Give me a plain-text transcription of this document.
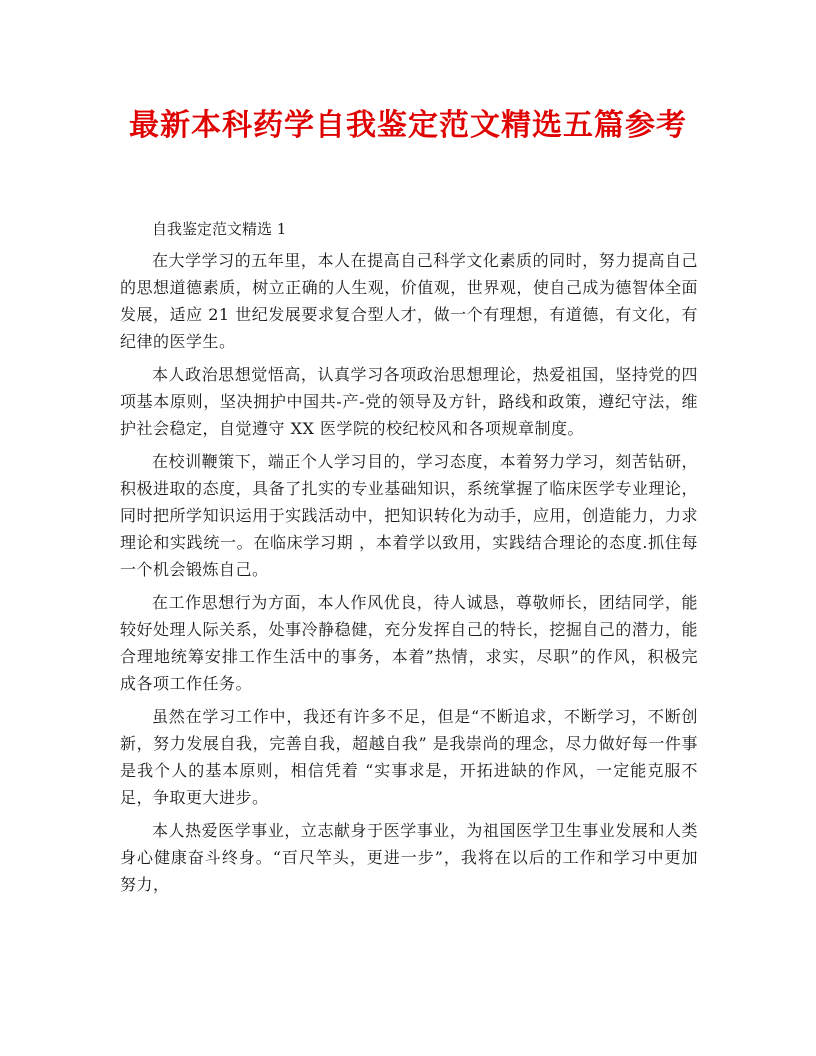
最新本科药学自我鉴定范文精选五篇参考

自我鉴定范文精选 1

在大学学习的五年里，本人在提高自己科学文化素质的同时，努力提高自己的思想道德素质，树立正确的人生观，价值观，世界观，使自己成为德智体全面发展，适应 21 世纪发展要求复合型人才，做一个有理想，有道德，有文化，有纪律的医学生。

本人政治思想觉悟高，认真学习各项政治思想理论，热爱祖国，坚持党的四项基本原则，坚决拥护中国共-产-党的领导及方针，路线和政策，遵纪守法，维护社会稳定，自觉遵守 XX 医学院的校纪校风和各项规章制度。

在校训鞭策下，端正个人学习目的，学习态度，本着努力学习，刻苦钻研，积极进取的态度，具备了扎实的专业基础知识，系统掌握了临床医学专业理论，同时把所学知识运用于实践活动中，把知识转化为动手，应用，创造能力，力求理论和实践统一。在临床学习期 ，本着学以致用，实践结合理论的态度.抓住每一个机会锻炼自己。

在工作思想行为方面，本人作风优良，待人诚恳，尊敬师长，团结同学，能较好处理人际关系，处事冷静稳健，充分发挥自己的特长，挖掘自己的潜力，能合理地统筹安排工作生活中的事务，本着”热情，求实，尽职”的作风，积极完成各项工作任务。

虽然在学习工作中，我还有许多不足，但是“不断追求，不断学习，不断创新，努力发展自我，完善自我，超越自我” 是我崇尚的理念，尽力做好每一件事是我个人的基本原则，相信凭着 “实事求是，开拓进缺的作风，一定能克服不足，争取更大进步。

本人热爱医学事业，立志献身于医学事业，为祖国医学卫生事业发展和人类身心健康奋斗终身。“百尺竿头，更进一步”，我将在以后的工作和学习中更加努力，
